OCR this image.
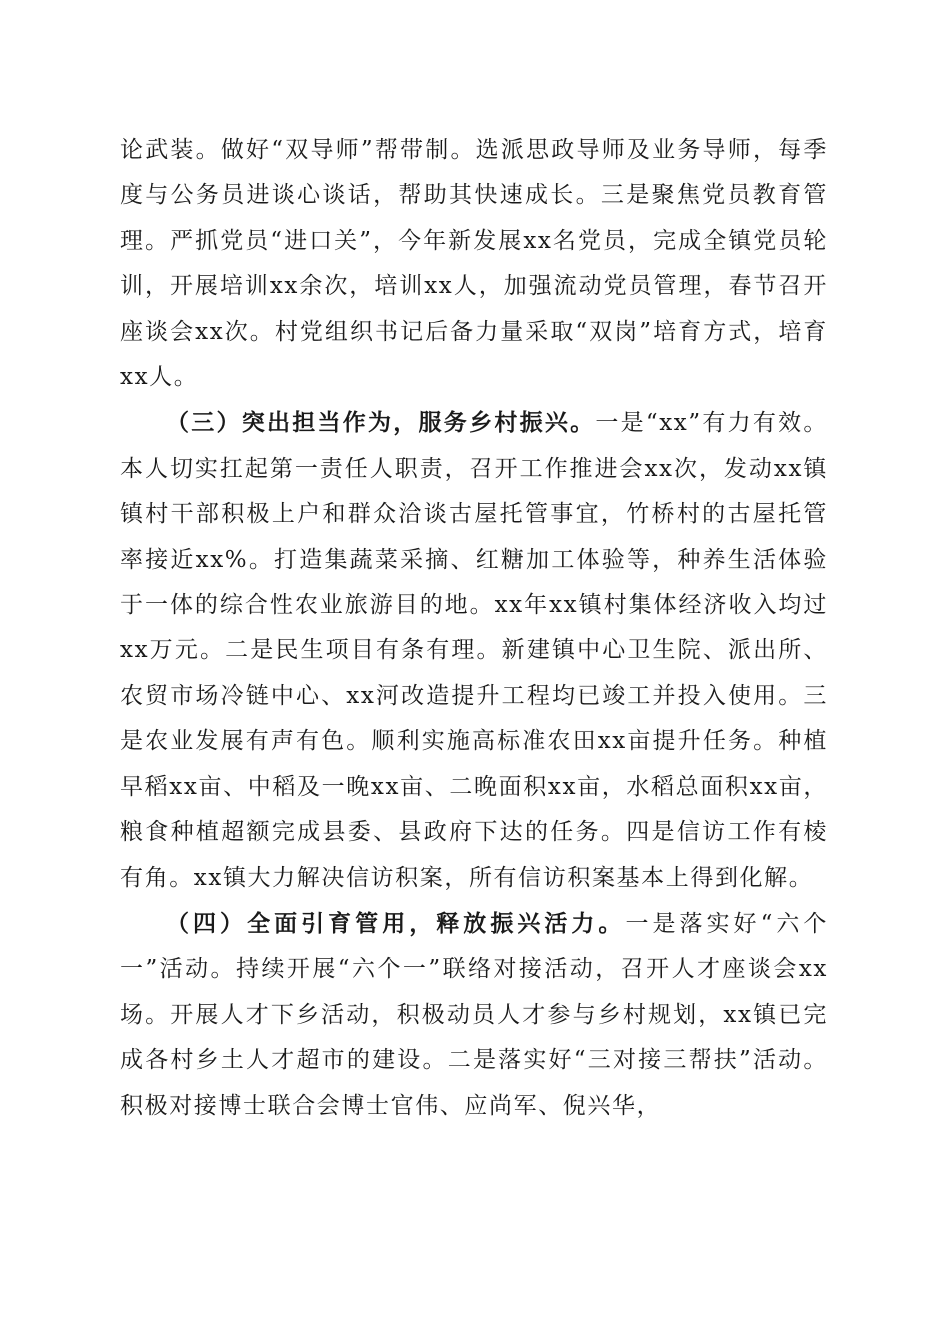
论武装。做好“双导师”帮带制。选派思政导师及业务导师，每季度与公务员进谈心谈话，帮助其快速成长。三是聚焦党员教育管理。严抓党员“进口关”，今年新发展xx名党员，完成全镇党员轮训，开展培训xx余次，培训xx人，加强流动党员管理，春节召开座谈会xx次。村党组织书记后备力量采取“双岗”培育方式，培育xx人。

（三）突出担当作为，服务乡村振兴。一是“xx”有力有效。本人切实扛起第一责任人职责，召开工作推进会xx次，发动xx镇镇村干部积极上户和群众洽谈古屋托管事宜，竹桥村的古屋托管率接近xx%。打造集蔬菜采摘、红糖加工体验等，种养生活体验于一体的综合性农业旅游目的地。xx年xx镇村集体经济收入均过xx万元。二是民生项目有条有理。新建镇中心卫生院、派出所、农贸市场冷链中心、xx河改造提升工程均已竣工并投入使用。三是农业发展有声有色。顺利实施高标准农田xx亩提升任务。种植早稻xx亩、中稻及一晚xx亩、二晚面积xx亩，水稻总面积xx亩，粮食种植超额完成县委、县政府下达的任务。四是信访工作有棱有角。xx镇大力解决信访积案，所有信访积案基本上得到化解。

（四）全面引育管用，释放振兴活力。一是落实好“六个一”活动。持续开展“六个一”联络对接活动，召开人才座谈会xx场。开展人才下乡活动，积极动员人才参与乡村规划，xx镇已完成各村乡土人才超市的建设。二是落实好“三对接三帮扶”活动。积极对接博士联合会博士官伟、应尚军、倪兴华，
